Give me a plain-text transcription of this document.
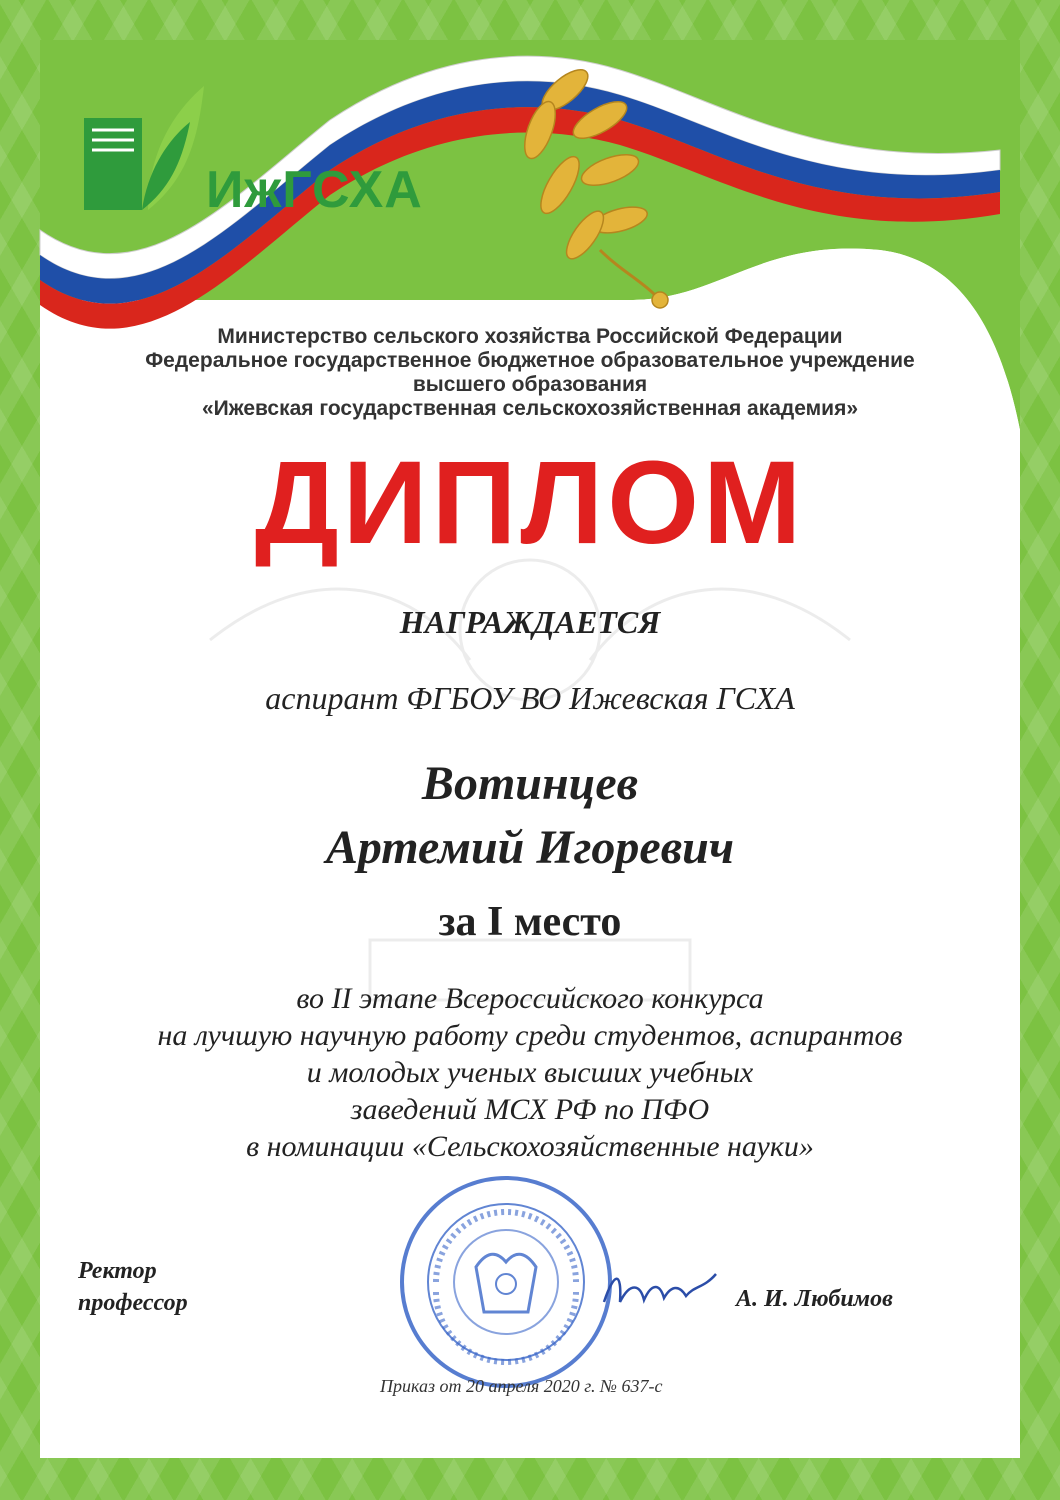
ИжГСХА
Министерство сельского хозяйства Российской Федерации
Федеральное государственное бюджетное образовательное учреждение
высшего образования
«Ижевская государственная сельскохозяйственная академия»
ДИПЛОМ
НАГРАЖДАЕТСЯ
аспирант ФГБОУ ВО Ижевская ГСХА
Вотинцев
Артемий Игоревич
за I место
во II этапе Всероссийского конкурса
на лучшую научную работу среди студентов, аспирантов
и молодых ученых высших учебных
заведений МСХ РФ по ПФО
в номинации «Сельскохозяйственные науки»
Ректор
профессор	А. И. Любимов
Приказ от 20 апреля 2020 г. № 637-с
